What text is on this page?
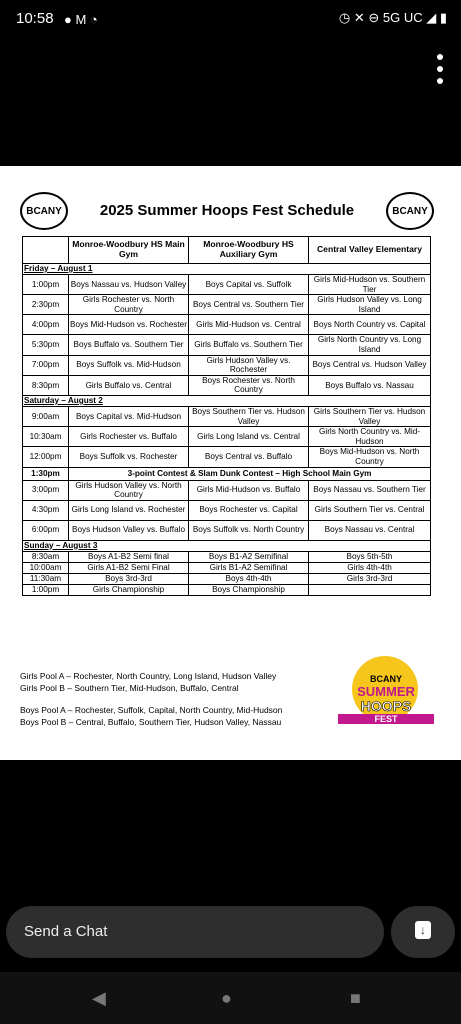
10:58 ● M ◔	◷ ✕ ⊖ 5G UC ◢ ▮
BCANY	2025 Summer Hoops Fest Schedule	BCANY
	Monroe-Woodbury HS Main Gym	Monroe-Woodbury HS Auxiliary Gym	Central Valley Elementary
Friday – August 1			
1:00pm	Boys Nassau vs. Hudson Valley	Boys Capital vs. Suffolk	Girls Mid-Hudson vs. Southern Tier
2:30pm	Girls Rochester vs. North Country	Boys Central vs. Southern Tier	Girls Hudson Valley vs. Long Island
4:00pm	Boys Mid-Hudson vs. Rochester	Girls Mid-Hudson vs. Central	Boys North Country vs. Capital
5:30pm	Boys Buffalo vs. Southern Tier	Girls Buffalo vs. Southern Tier	Girls North Country vs. Long Island
7:00pm	Boys Suffolk vs. Mid-Hudson	Girls Hudson Valley vs. Rochester	Boys Central vs. Hudson Valley
8:30pm	Girls Buffalo vs. Central	Boys Rochester vs. North Country	Boys Buffalo vs. Nassau
Saturday – August 2			
9:00am	Boys Capital vs. Mid-Hudson	Boys Southern Tier vs. Hudson Valley	Girls Southern Tier vs. Hudson Valley
10:30am	Girls Rochester vs. Buffalo	Girls Long Island vs. Central	Girls North Country vs. Mid-Hudson
12:00pm	Boys Suffolk vs. Rochester	Boys Central vs. Buffalo	Boys Mid-Hudson vs. North Country
1:30pm	3-point Contest & Slam Dunk Contest – High School Main Gym		
3:00pm	Girls Hudson Valley vs. North Country	Girls Mid-Hudson vs. Buffalo	Boys Nassau vs. Southern Tier
4:30pm	Girls Long Island vs. Rochester	Boys Rochester vs. Capital	Girls Southern Tier vs. Central
6:00pm	Boys Hudson Valley vs. Buffalo	Boys Suffolk vs. North Country	Boys Nassau vs. Central
Sunday – August 3			
8:30am	Boys A1-B2 Semi final	Boys B1-A2 Semifinal	Boys 5th-5th
10:00am	Girls A1-B2 Semi Final	Girls B1-A2 Semifinal	Girls 4th-4th
11:30am	Boys 3rd-3rd	Boys 4th-4th	Girls 3rd-3rd
1:00pm	Girls Championship	Boys Championship	
Girls Pool A – Rochester, North Country, Long Island, Hudson Valley
Girls Pool B – Southern Tier, Mid-Hudson, Buffalo, Central
Boys Pool A – Rochester, Suffolk, Capital, North Country, Mid-Hudson
Boys Pool B – Central, Buffalo, Southern Tier, Hudson Valley, Nassau
BCANY
SUMMER
HOOPS
FEST
Send a Chat	↓
◀	●	■
